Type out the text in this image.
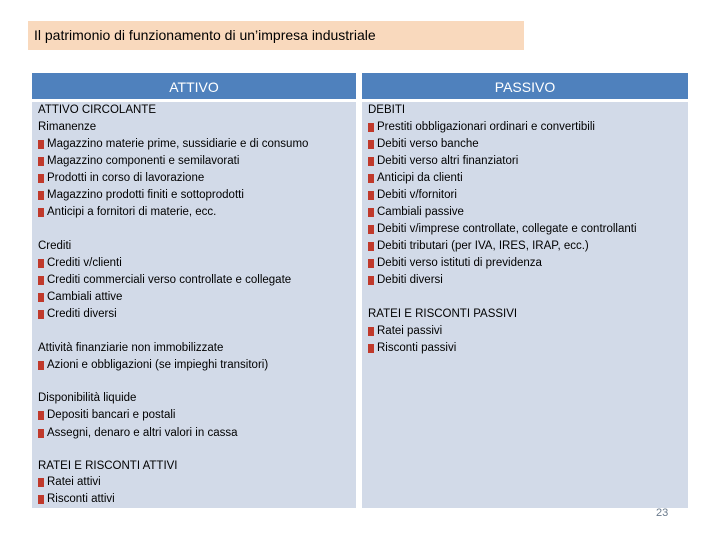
Il patrimonio di funzionamento di un’impresa industriale
ATTIVO	PASSIVO
ATTIVO CIRCOLANTE
Rimanenze
Magazzino materie prime, sussidiarie e di consumo
Magazzino componenti e semilavorati
Prodotti in corso di lavorazione
Magazzino prodotti finiti e sottoprodotti
Anticipi a fornitori di materie, ecc.
Crediti
Crediti v/clienti
Crediti commerciali verso controllate e collegate
Cambiali attive
Crediti diversi
Attività finanziarie non immobilizzate
Azioni e obbligazioni (se impieghi transitori)
Disponibilità liquide
Depositi bancari e postali
Assegni, denaro e altri valori in cassa
RATEI E RISCONTI ATTIVI
Ratei attivi
Risconti attivi
DEBITI
Prestiti obbligazionari ordinari e convertibili
Debiti verso banche
Debiti verso altri finanziatori
Anticipi da clienti
Debiti v/fornitori
Cambiali passive
Debiti v/imprese controllate, collegate e controllanti
Debiti tributari (per IVA, IRES, IRAP, ecc.)
Debiti verso istituti di previdenza
Debiti diversi
RATEI E RISCONTI PASSIVI
Ratei passivi
Risconti passivi
23
